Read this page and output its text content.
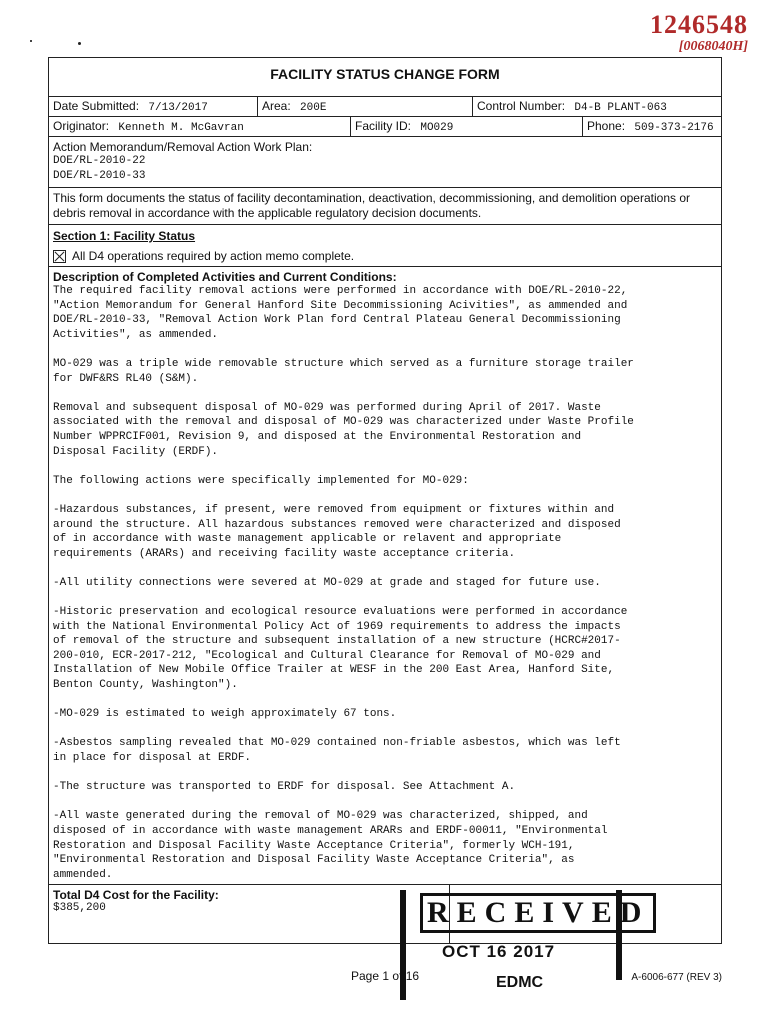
1246548
[0068040H]
FACILITY STATUS CHANGE FORM
Date Submitted: 7/13/2017	Area: 200E	Control Number: D4-B PLANT-063
Originator: Kenneth M. McGavran	Facility ID: MO029	Phone: 509-373-2176
Action Memorandum/Removal Action Work Plan:
DOE/RL-2010-22
DOE/RL-2010-33
This form documents the status of facility decontamination, deactivation, decommissioning, and demolition operations or debris removal in accordance with the applicable regulatory decision documents.
Section 1: Facility Status
All D4 operations required by action memo complete.
Description of Completed Activities and Current Conditions:

The required facility removal actions were performed in accordance with DOE/RL-2010-22,
"Action Memorandum for General Hanford Site Decommissioning Acivities", as ammended and
DOE/RL-2010-33, "Removal Action Work Plan ford Central Plateau General Decommissioning
Activities", as ammended.

MO-029 was a triple wide removable structure which served as a furniture storage trailer
for DWF&RS RL40 (S&M).

Removal and subsequent disposal of MO-029 was performed during April of 2017. Waste
associated with the removal and disposal of MO-029 was characterized under Waste Profile
Number WPPRCIF001, Revision 9, and disposed at the Environmental Restoration and
Disposal Facility (ERDF).

The following actions were specifically implemented for MO-029:

-Hazardous substances, if present, were removed from equipment or fixtures within and
around the structure. All hazardous substances removed were characterized and disposed
of in accordance with waste management applicable or relavent and appropriate
requirements (ARARs) and receiving facility waste acceptance criteria.

-All utility connections were severed at MO-029 at grade and staged for future use.

-Historic preservation and ecological resource evaluations were performed in accordance
with the National Environmental Policy Act of 1969 requirements to address the impacts
of removal of the structure and subsequent installation of a new structure (HCRC#2017-
200-010, ECR-2017-212, "Ecological and Cultural Clearance for Removal of MO-029 and
Installation of New Mobile Office Trailer at WESF in the 200 East Area, Hanford Site,
Benton County, Washington").

-MO-029 is estimated to weigh approximately 67 tons.

-Asbestos sampling revealed that MO-029 contained non-friable asbestos, which was left
in place for disposal at ERDF.

-The structure was transported to ERDF for disposal. See Attachment A.

-All waste generated during the removal of MO-029 was characterized, shipped, and
disposed of in accordance with waste management ARARs and ERDF-00011, "Environmental
Restoration and Disposal Facility Waste Acceptance Criteria", formerly WCH-191,
"Environmental Restoration and Disposal Facility Waste Acceptance Criteria", as
ammended.

Total D4 Cost for the Facility:
$385,200	RECEIVED
OCT 16 2017
EDMC
Page 1 of 16	A-6006-677 (REV 3)
